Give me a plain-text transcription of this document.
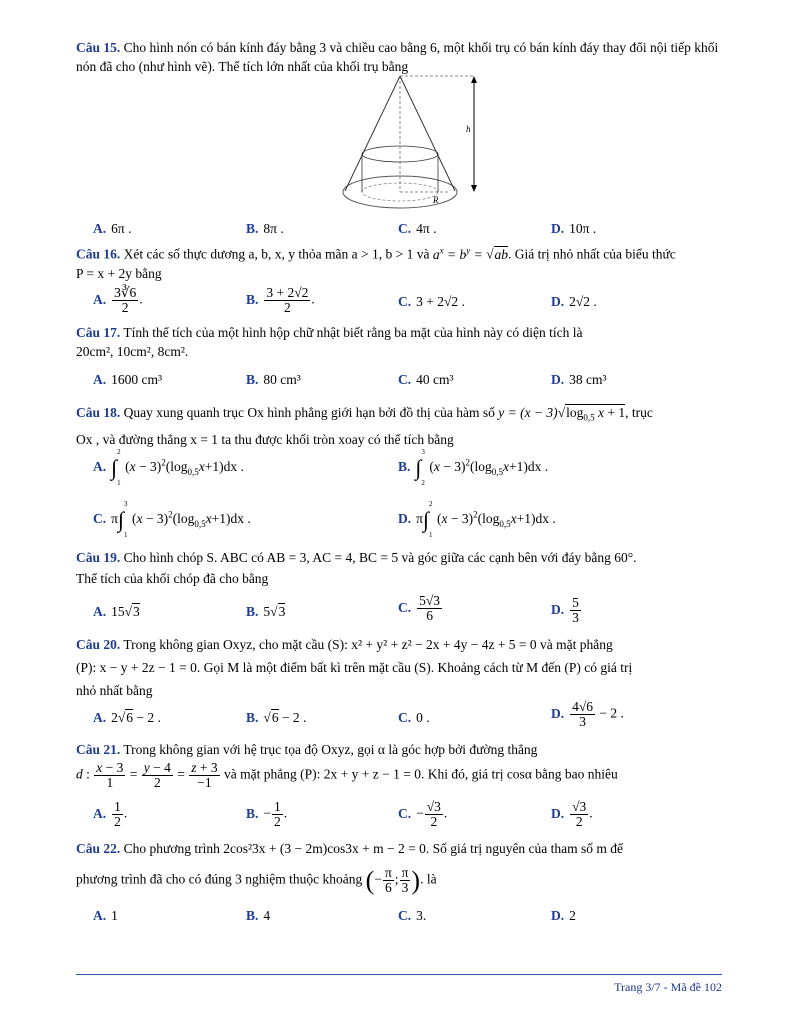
Câu 15. Cho hình nón có bán kính đáy bằng 3 và chiều cao bằng 6, một khối trụ có bán kính đáy thay đổi nội tiếp khối nón đã cho (như hình vẽ). Thể tích lớn nhất của khối trụ bằng
h
R
A. 6π .	B. 8π .	C. 4π .	D. 10π .
Câu 16. Xét các số thực dương a, b, x, y thỏa mãn a > 1, b > 1 và $a^x = b^y = √ab$. Giá trị nhỏ nhất của biểu thức
P = x + 2y bằng
A. $\frac{3∛6}{2}$ .	B. $\frac{3 + 2√2}{2}$ .	C. 3 + 2√2 .	D. 2√2 .
Câu 17. Tính thể tích của một hình hộp chữ nhật biết rằng ba mặt của hình này có diện tích là
20cm², 10cm², 8cm².
A. 1600 cm³	B. 80 cm³	C. 40 cm³	D. 38 cm³
Câu 18. Quay xung quanh trục Ox hình phẳng giới hạn bởi đồ thị của hàm số $y = (x - 3)√\log_{0,5}$ x + 1, trục
Ox , và đường thẳng x = 1 ta thu được khối tròn xoay có thể tích bằng
A. ∫
2
1
$(x - 3)^2(\log_{0,5}x+1)dx$ .	B. ∫
3
2
$(x - 3)^2(\log_{0,5}x+1)dx$ .
C. π∫
3
1
$(x - 3)^2(\log_{0,5}x+1)dx$ .	D. π∫
2
1
$(x - 3)^2(\log_{0,5}x+1)dx$ .
Câu 19. Cho hình chóp S. ABC có AB = 3, AC = 4, BC = 5 và góc giữa các cạnh bên với đáy bằng 60°.
Thể tích của khối chóp đã cho bằng
A. 15√3	B. 5√3	C. $\frac{5√3}{6}$	D. $\frac{5}{3}$
Câu 20. Trong không gian Oxyz, cho mặt cầu (S): x² + y² + z² − 2x + 4y − 4z + 5 = 0 và mặt phẳng
(P): x − y + 2z − 1 = 0. Gọi M là một điểm bất kì trên mặt cầu (S). Khoảng cách từ M đến (P) có giá trị
nhỏ nhất bằng
A. 2√6 − 2 .	B. √6 − 2 .	C. 0 .	D. $\frac{4√6}{3} - 2$ .
Câu 21. Trong không gian với hệ trục tọa độ Oxyz, gọi α là góc hợp bởi đường thẳng
d : $\frac{x - 3}{1} = \frac{y - 4}{2} = \frac{z + 3}{-1}$ và mặt phẳng (P): 2x + y + z − 1 = 0. Khi đó, giá trị cosα bằng bao nhiêu
A. $\frac{1}{2}$ .	B. − $\frac{1}{2}$ .	C. − $\frac{√3}{2}$ .	D. $\frac{√3}{2}$ .
Câu 22. Cho phương trình 2cos²3x + (3 − 2m)cos3x + m − 2 = 0. Số giá trị nguyên của tham số m để
phương trình đã cho có đúng 3 nghiệm thuộc khoảng (− $\frac{\pi}{6}$ ; $\frac{\pi}{3}$ ). là
A. 1	B. 4	C. 3.	D. 2
Trang 3/7 - Mã đề 102
